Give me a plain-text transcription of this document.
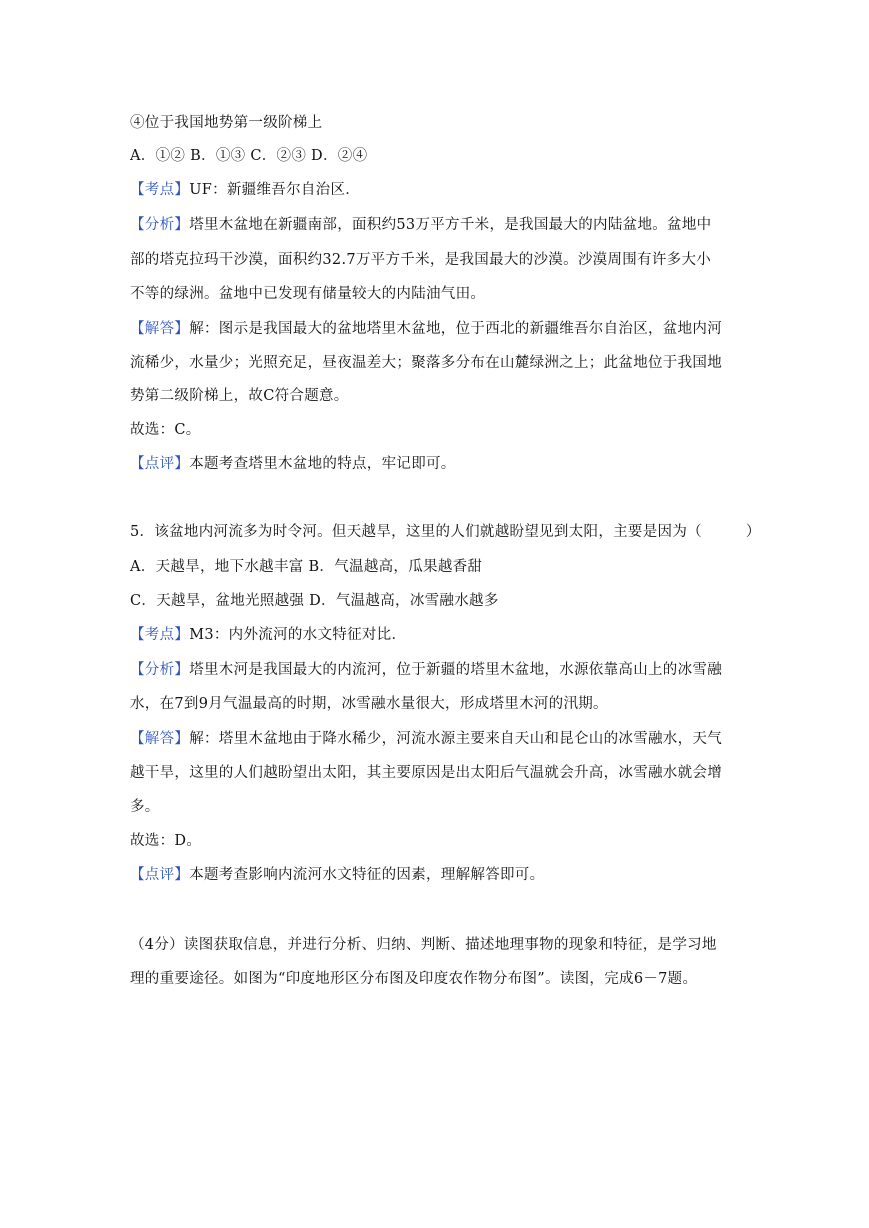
④位于我国地势第一级阶梯上
A．①② B．①③ C．②③ D．②④
【考点】UF：新疆维吾尔自治区．
【分析】塔里木盆地在新疆南部，面积约53万平方千米，是我国最大的内陆盆地。盆地中
部的塔克拉玛干沙漠，面积约32.7万平方千米，是我国最大的沙漠。沙漠周围有许多大小
不等的绿洲。盆地中已发现有储量较大的内陆油气田。
【解答】解：图示是我国最大的盆地塔里木盆地，位于西北的新疆维吾尔自治区，盆地内河
流稀少，水量少；光照充足，昼夜温差大；聚落多分布在山麓绿洲之上；此盆地位于我国地
势第二级阶梯上，故C符合题意。
故选：C。
【点评】本题考查塔里木盆地的特点，牢记即可。
5．该盆地内河流多为时令河。但天越旱，这里的人们就越盼望见到太阳，主要是因为（	）
A．天越旱，地下水越丰富 B．气温越高，瓜果越香甜
C．天越旱，盆地光照越强 D．气温越高，冰雪融水越多
【考点】M3：内外流河的水文特征对比．
【分析】塔里木河是我国最大的内流河，位于新疆的塔里木盆地，水源依靠高山上的冰雪融
水，在7到9月气温最高的时期，冰雪融水量很大，形成塔里木河的汛期。
【解答】解：塔里木盆地由于降水稀少，河流水源主要来自天山和昆仑山的冰雪融水，天气
越干旱，这里的人们越盼望出太阳，其主要原因是出太阳后气温就会升高，冰雪融水就会增
多。
故选：D。
【点评】本题考查影响内流河水文特征的因素，理解解答即可。
（4分）读图获取信息，并进行分析、归纳、判断、描述地理事物的现象和特征，是学习地
理的重要途径。如图为“印度地形区分布图及印度农作物分布图”。读图，完成6－7题。
